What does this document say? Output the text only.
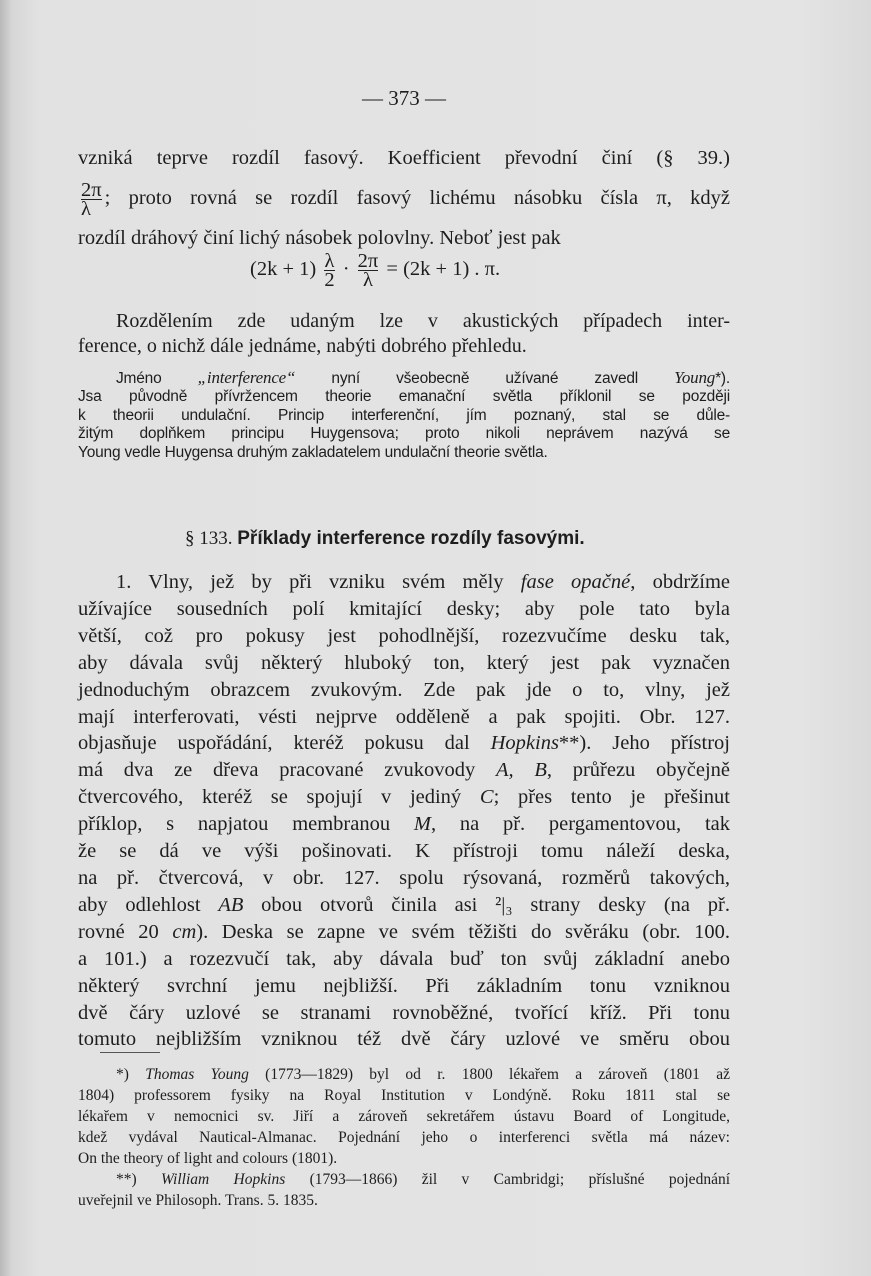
— 373 —
vzniká teprve rozdíl fasový. Koefficient převodní činí (§ 39.)
$\frac{2\pi}{\lambda}$ ; proto rovná se rozdíl fasový lichému násobku čísla π, když
rozdíl dráhový činí lichý násobek polovlny. Neboť jest pak
$(2k + 1) \frac{\lambda}{2} \cdot \frac{2\pi}{\lambda} = (2k + 1)$ . π.
Rozdělením zde udaným lze v akustických případech inter-
ference, o nichž dále jednáme, nabýti dobrého přehledu.
Jméno „interference“ nyní všeobecně užívané zavedl Young*).
Jsa původně přívržencem theorie emanační světla příklonil se později
k theorii undulační. Princip interferenční, jím poznaný, stal se důle-
žitým doplňkem principu Huygensova; proto nikoli neprávem nazývá se
Young vedle Huygensa druhým zakladatelem undulační theorie světla.
§ 133. Příklady interference rozdíly fasovými.
1. Vlny, jež by při vzniku svém měly fase opačné, obdržíme
užívajíce sousedních polí kmitající desky; aby pole tato byla
větší, což pro pokusy jest pohodlnější, rozezvučíme desku tak,
aby dávala svůj některý hluboký ton, který jest pak vyznačen
jednoduchým obrazcem zvukovým. Zde pak jde o to, vlny, jež
mají interferovati, vésti nejprve odděleně a pak spojiti. Obr. 127.
objasňuje uspořádání, kteréž pokusu dal Hopkins**). Jeho přístroj
má dva ze dřeva pracované zvukovody A, B, průřezu obyčejně
čtvercového, kteréž se spojují v jediný C; přes tento je přešinut
příklop, s napjatou membranou M, na př. pergamentovou, tak
že se dá ve výši pošinovati. K přístroji tomu náleží deska,
na př. čtvercová, v obr. 127. spolu rýsovaná, rozměrů takových,
aby odlehlost AB obou otvorů činila asi ²|₃ strany desky (na př.
rovné 20 cm). Deska se zapne ve svém těžišti do svěráku (obr. 100.
a 101.) a rozezvučí tak, aby dávala buď ton svůj základní anebo
některý svrchní jemu nejbližší. Při základním tonu vzniknou
dvě čáry uzlové se stranami rovnoběžné, tvořící kříž. Při tonu
tomuto nejbližším vzniknou též dvě čáry uzlové ve směru obou
*) Thomas Young (1773—1829) byl od r. 1800 lékařem a zároveň (1801 až
1804) professorem fysiky na Royal Institution v Londýně. Roku 1811 stal se
lékařem v nemocnici sv. Jiří a zároveň sekretářem ústavu Board of Longitude,
kdež vydával Nautical-Almanac. Pojednání jeho o interferenci světla má název:
On the theory of light and colours (1801).
**) William Hopkins (1793—1866) žil v Cambridgi; příslušné pojednání
uveřejnil ve Philosoph. Trans. 5. 1835.
